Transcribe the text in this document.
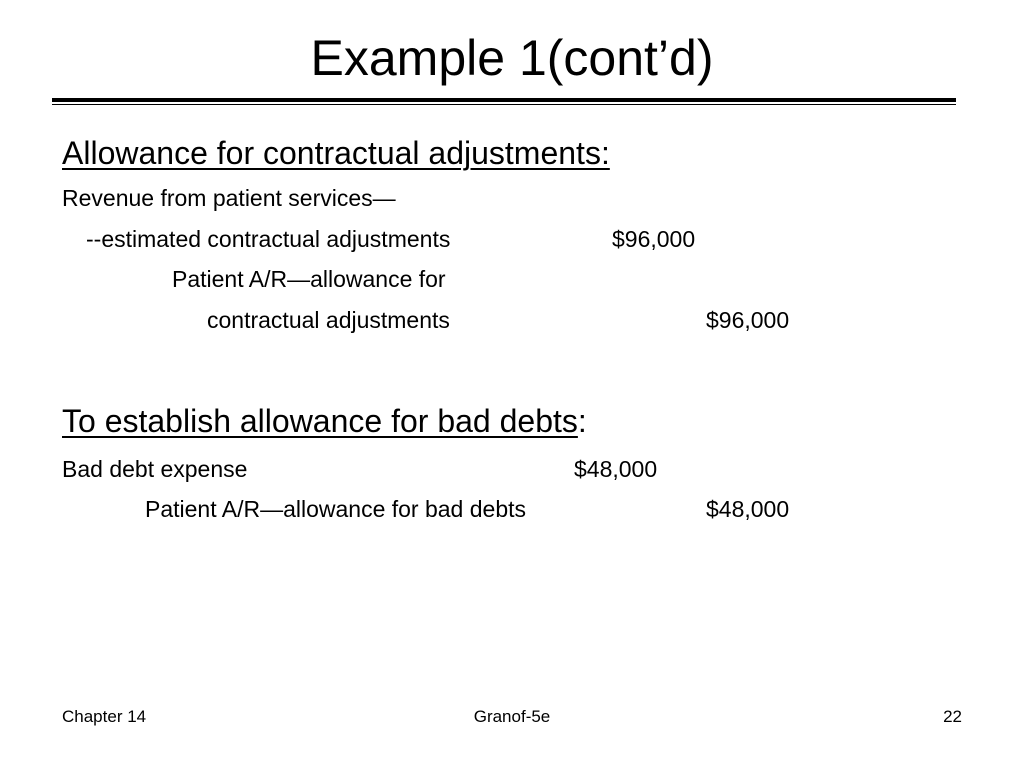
Example 1(cont’d)
Allowance for contractual adjustments:
Revenue from patient services—
--estimated contractual adjustments	$96,000
Patient A/R—allowance for
contractual adjustments	$96,000
To establish allowance for bad debts:
Bad debt expense	$48,000
Patient A/R—allowance for bad debts	$48,000
Chapter 14	Granof-5e	22
